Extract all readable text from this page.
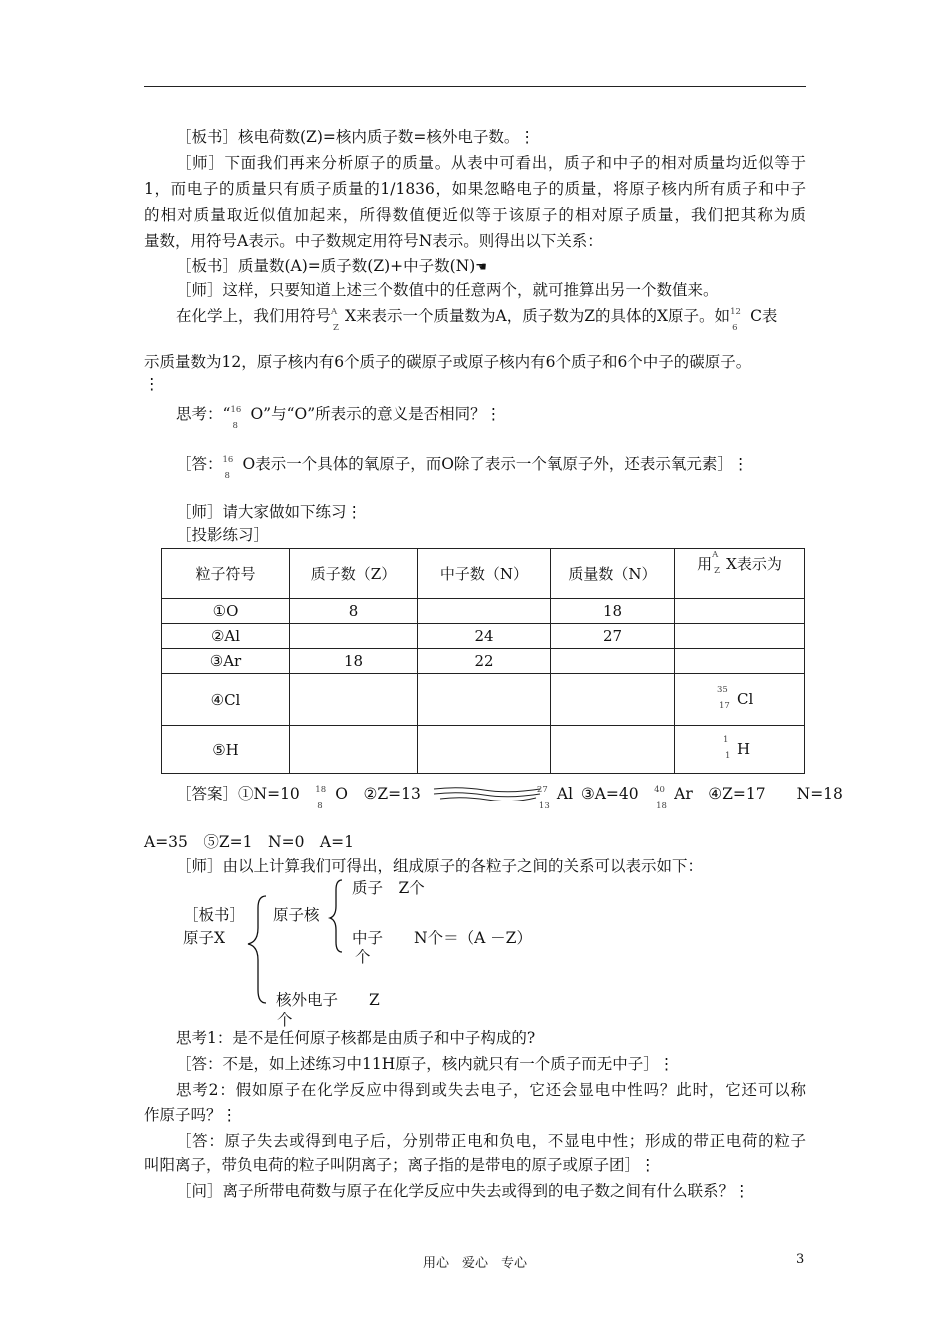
［板书］核电荷数(Z)=核内质子数=核外电子数。⋮
［师］下面我们再来分析原子的质量。从表中可看出，质子和中子的相对质量均近似等于
1，而电子的质量只有质子质量的1/1836，如果忽略电子的质量，将原子核内所有质子和中子
的相对质量取近似值加起来，所得数值便近似等于该原子的相对原子质量，我们把其称为质
量数，用符号A表示。中子数规定用符号N表示。则得出以下关系：
［板书］质量数(A)=质子数(Z)+中子数(N)☚
［师］这样，只要知道上述三个数值中的任意两个，就可推算出另一个数值来。
在化学上，我们用符号 A
Z
X来表示一个质量数为A，质子数为Z的具体的X原子。如 12
6
C表
示质量数为12，原子核内有6个质子的碳原子或原子核内有6个质子和6个中子的碳原子。
⋮
思考：“ 16
8
O”与“O”所表示的意义是否相同？⋮
［答： 16
8
O表示一个具体的氧原子，而O除了表示一个氧原子外，还表示氧元素］⋮
［师］请大家做如下练习⋮
［投影练习］
粒子符号	质子数（Z）	中子数（N）	质量数（N）	用 A
Z X表示为
①O	8		18	
②Al		24	27	
③Ar	18	22		
④Cl				35
17 Cl
⑤H				1
1 H
［答案］①N=10  18
8
O  ②Z=13	27
13
Al  ③A=40  40
18
Ar  ④Z=17   N=18
A=35　⑤Z=1　N=0　A=1
［师］由以上计算我们可得出，组成原子的各粒子之间的关系可以表示如下：
［板书］
原子X
原子核
质子　Z个
中子　　N个＝（A －Z）
个
核外电子　　Z
个
思考1：是不是任何原子核都是由质子和中子构成的?
［答：不是，如上述练习中11H原子，核内就只有一个质子而无中子］⋮
思考2：假如原子在化学反应中得到或失去电子，它还会显电中性吗？此时，它还可以称
作原子吗？⋮
［答：原子失去或得到电子后，分别带正电和负电，不显电中性；形成的带正电荷的粒子
叫阳离子，带负电荷的粒子叫阴离子；离子指的是带电的原子或原子团］⋮
［问］离子所带电荷数与原子在化学反应中失去或得到的电子数之间有什么联系？⋮
用心　爱心　专心	3
